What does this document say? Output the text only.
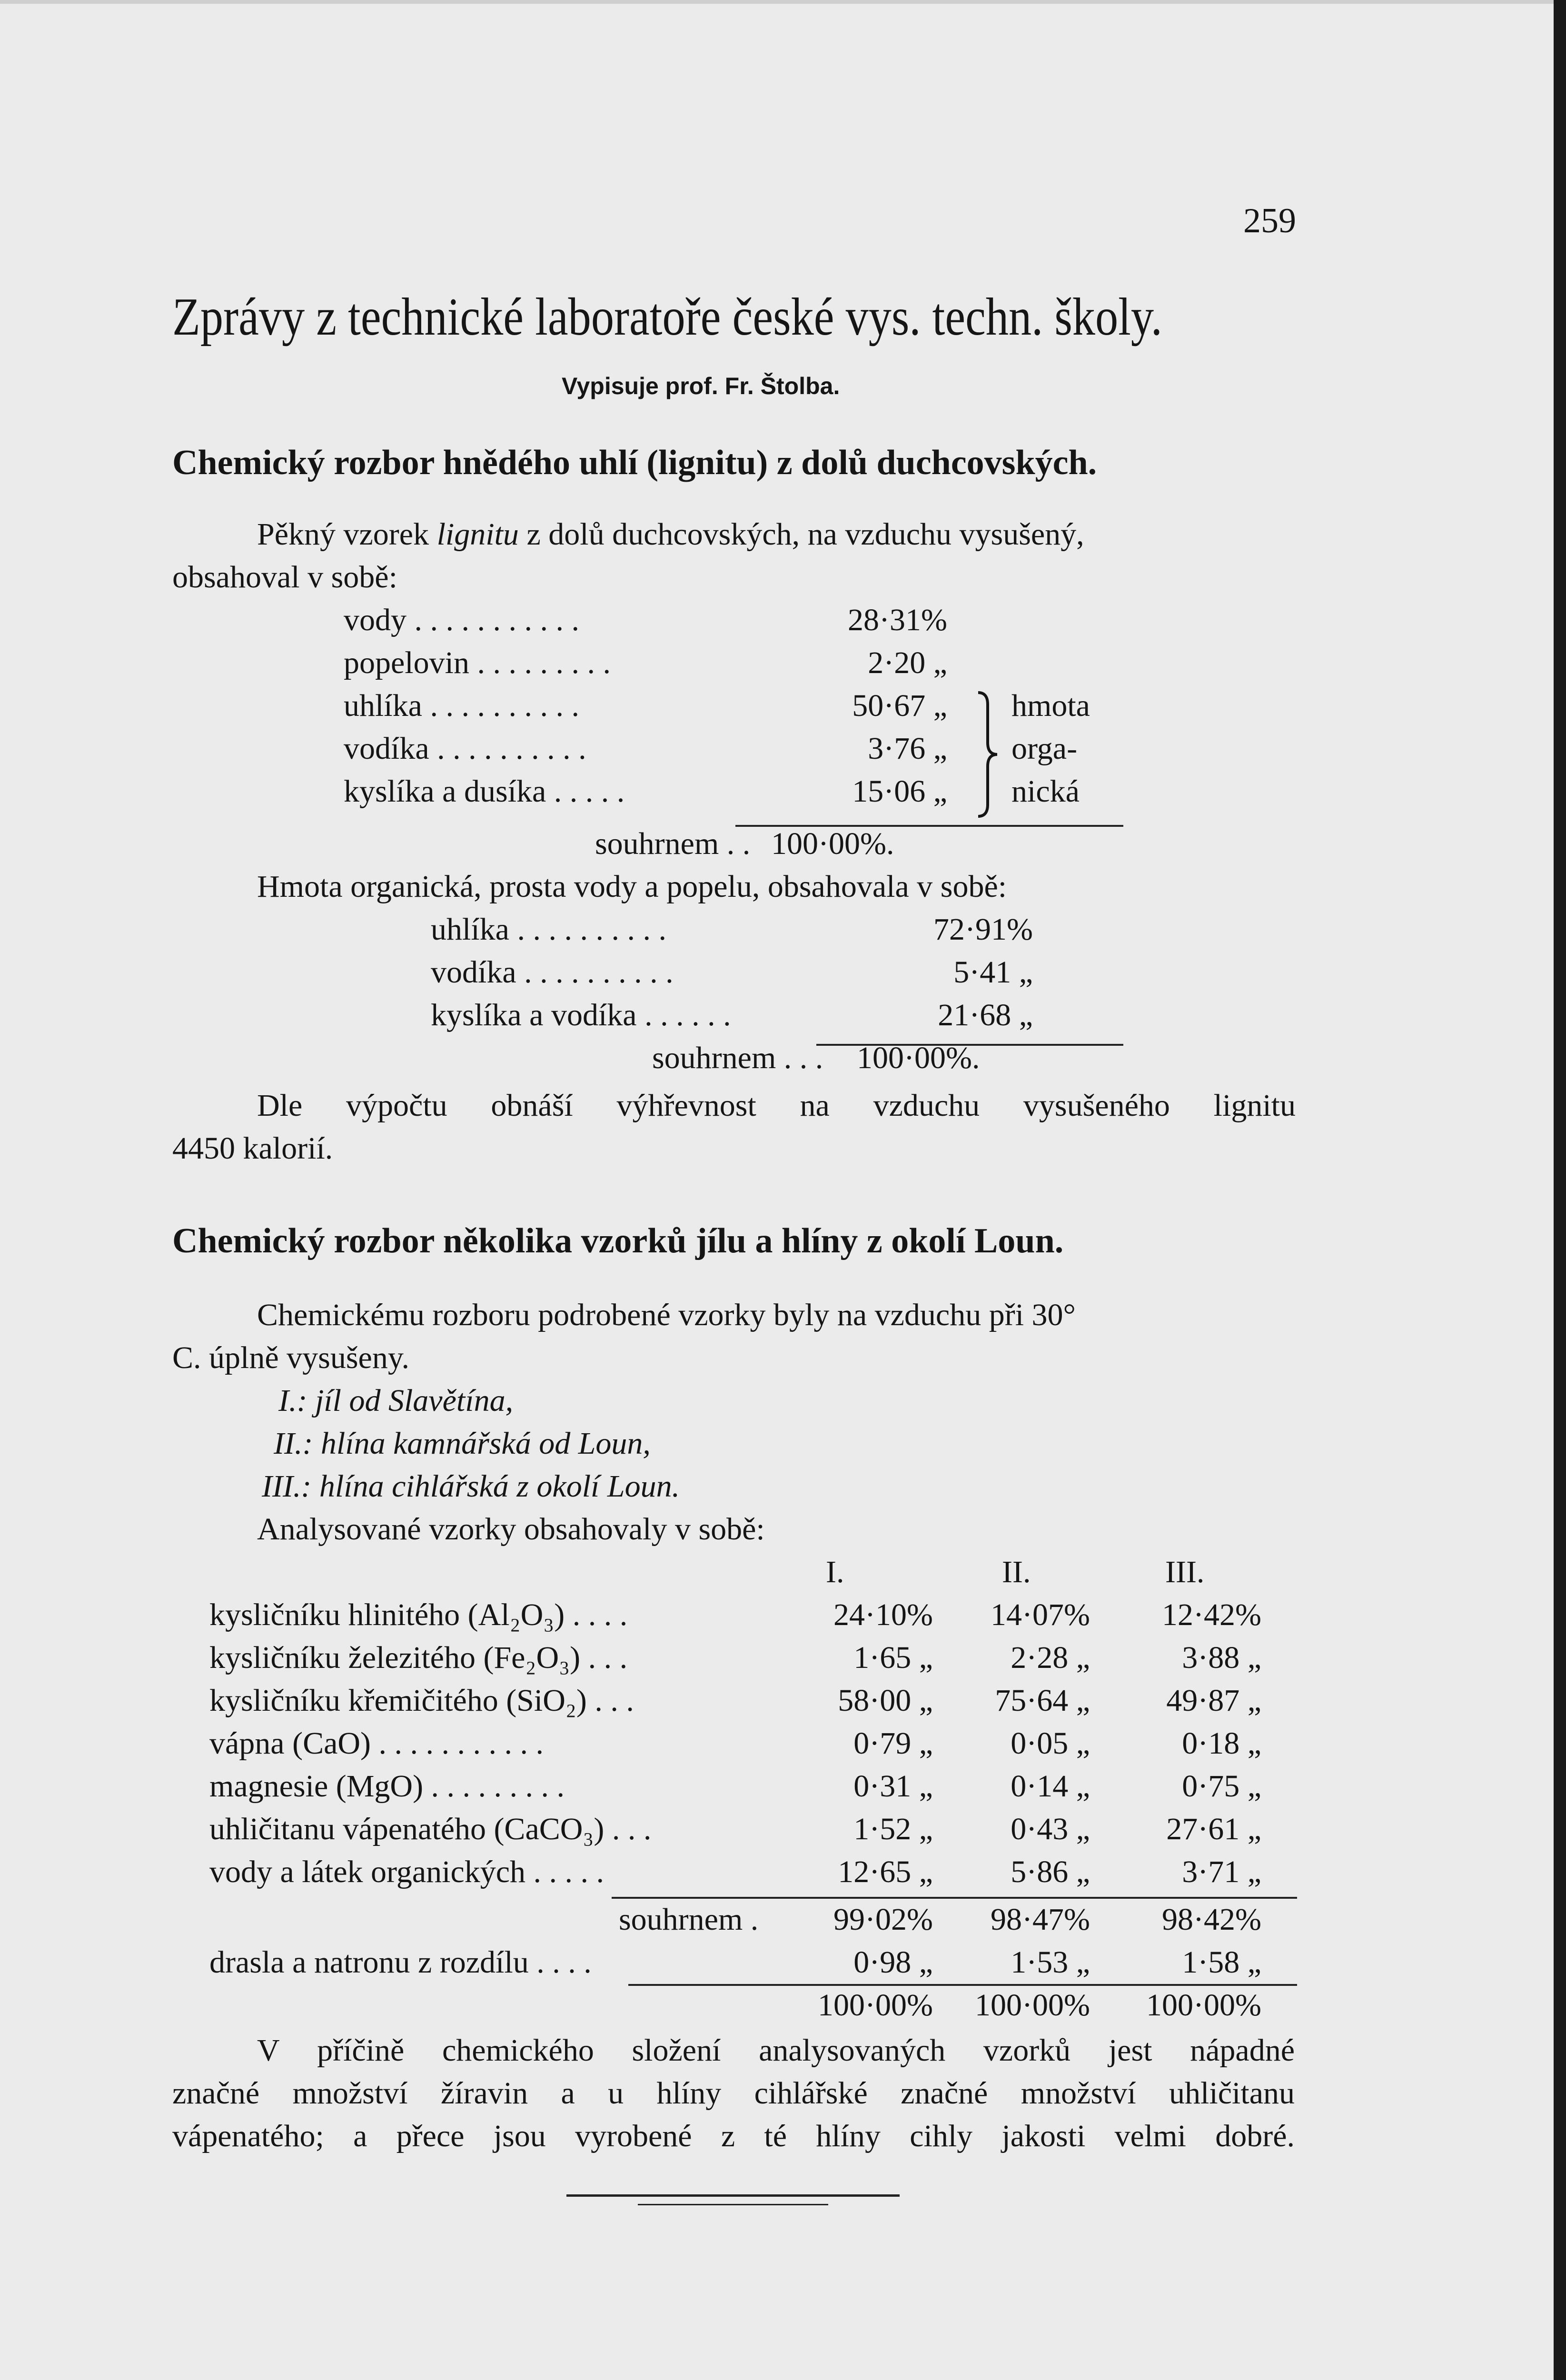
259
Zprávy z technické laboratoře české vys. techn. školy.
Vypisuje prof. Fr. Štolba.
Chemický rozbor hnědého uhlí (lignitu) z dolů duchcovských.
Pěkný vzorek lignitu z dolů duchcovských, na vzduchu vysušený,
obsahoval v sobě:
vody . . . . . . . . . . .	28·31%
popelovin . . . . . . . . .	2·20 „
uhlíka . . . . . . . . . .	50·67 „
vodíka . . . . . . . . . .	3·76 „
kyslíka a dusíka . . . . .	15·06 „
hmota
orga-
nická
souhrnem . . 100·00%.
Hmota organická, prosta vody a popelu, obsahovala v sobě:
uhlíka . . . . . . . . . .	72·91%
vodíka . . . . . . . . . .	5·41 „
kyslíka a vodíka . . . . . .	21·68 „
souhrnem . . . 100·00%.
Dle výpočtu obnáší výhřevnost na vzduchu vysušeného lignitu
4450 kalorií.
Chemický rozbor několika vzorků jílu a hlíny z okolí Loun.
Chemickému rozboru podrobené vzorky byly na vzduchu při 30°
C. úplně vysušeny.
I.: jíl od Slavětína,
II.: hlína kamnářská od Loun,
III.: hlína cihlářská z okolí Loun.
Analysované vzorky obsahovaly v sobě:
I.	II.	III.
kysličníku hlinitého (Al₂O₃) . . . .	24·10%	14·07%	12·42%
kysličníku železitého (Fe₂O₃) . . .	1·65 „	2·28 „	3·88 „
kysličníku křemičitého (SiO₂) . . .	58·00 „	75·64 „	49·87 „
vápna (CaO) . . . . . . . . . . .	0·79 „	0·05 „	0·18 „
magnesie (MgO) . . . . . . . . .	0·31 „	0·14 „	0·75 „
uhličitanu vápenatého (CaCO₃) . . .	1·52 „	0·43 „	27·61 „
vody a látek organických . . . . .	12·65 „	5·86 „	3·71 „
souhrnem .	99·02%	98·47%	98·42%
drasla a natronu z rozdílu . . . .	0·98 „	1·53 „	1·58 „
100·00%	100·00%	100·00%
V příčině chemického složení analysovaných vzorků jest nápadné
značné množství žíravin a u hlíny cihlářské značné množství uhličitanu
vápenatého; a přece jsou vyrobené z té hlíny cihly jakosti velmi dobré.
